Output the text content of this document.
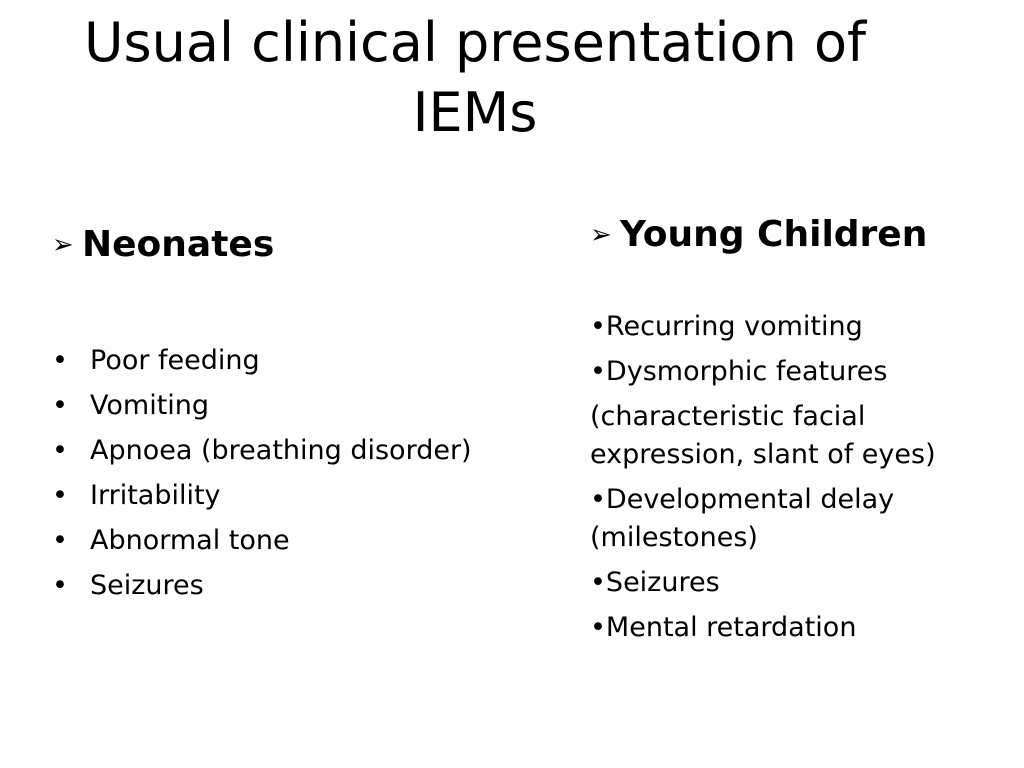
Usual clinical presentation of IEMs
➢ Neonates
• Poor feeding
• Vomiting
• Apnoea (breathing disorder)
• Irritability
• Abnormal tone
• Seizures
➢ Young Children
•Recurring vomiting
•Dysmorphic features
(characteristic facial expression, slant of eyes)
•Developmental delay (milestones)
•Seizures
•Mental retardation
